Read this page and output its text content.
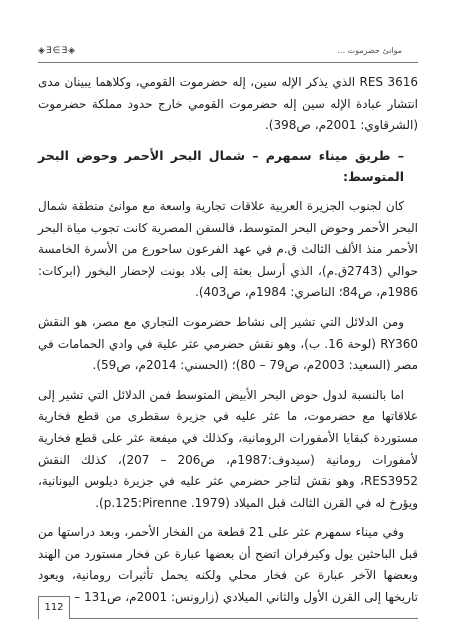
موانئ حضرموت ...
◈∃∋∃◈

RES 3616 الذي يذكر الإله سين، إله حضرموت القومي، وكلاهما يبينان مدى انتشار عبادة الإله سين إله حضرموت القومي خارج حدود مملكة حضرموت (الشرقاوي: 2001م، ص398).

– طريق ميناء سمهرم – شمال البحر الأحمر وحوض البحر المتوسط:

كان لجنوب الجزيرة العربية علاقات تجارية واسعة مع موانئ منطقة شمال البحر الأحمر وحوض البحر المتوسط، فالسفن المصرية كانت تجوب مياة البحر الأحمر منذ الألف الثالث ق.م في عهد الفرعون ساحورع من الأسرة الخامسة حوالي (2743ق.م)، الذي أرسل بعثة إلى بلاد بونت لإحضار البخور (ابركات: 1986م، ص84؛ الناصري: 1984م، ص403).

ومن الدلائل التي تشير إلى نشاط حضرموت التجاري مع مصر، هو النقش RY360 (لوحة 16. ب)، وهو نقش حضرمي عثر علية في وادي الحمامات في مصر (السعيد: 2003م، ص79 – 80)؛ (الحسني: 2014م، ص59).

اما بالنسبة لدول حوض البحر الأبيض المتوسط فمن الدلائل التي تشير إلى علاقاتها مع حضرموت، ما عثر عليه في جزيرة سقطرى من قطع فخارية مستوردة كبقايا الأمفورات الرومانية، وكذلك في ميفعة عثر على قطع فخارية لأمفورات رومانية (سيدوف:1987م، ص206 – 207)، كذلك النقش RES3952، وهو نقش لتاجر حضرمي عثر عليه في جزيرة ديلوس اليونانية، ويؤرخ له في القرن الثالث قبل الميلاد (p.125:Pirenne .1979).

وفي ميناء سمهرم عثر على 21 قطعة من الفخار الأحمر، وبعد دراستها من قبل الباحثين يول وكيرفران اتضح أن بعضها عبارة عن فخار مستورد من الهند وبعضها الآخر عبارة عن فخار محلي ولكنه يحمل تأثيرات رومانية، ويعود تاريخها إلى القرن الأول والثاني الميلادي (زارونس: 2001م، ص131 –

112
